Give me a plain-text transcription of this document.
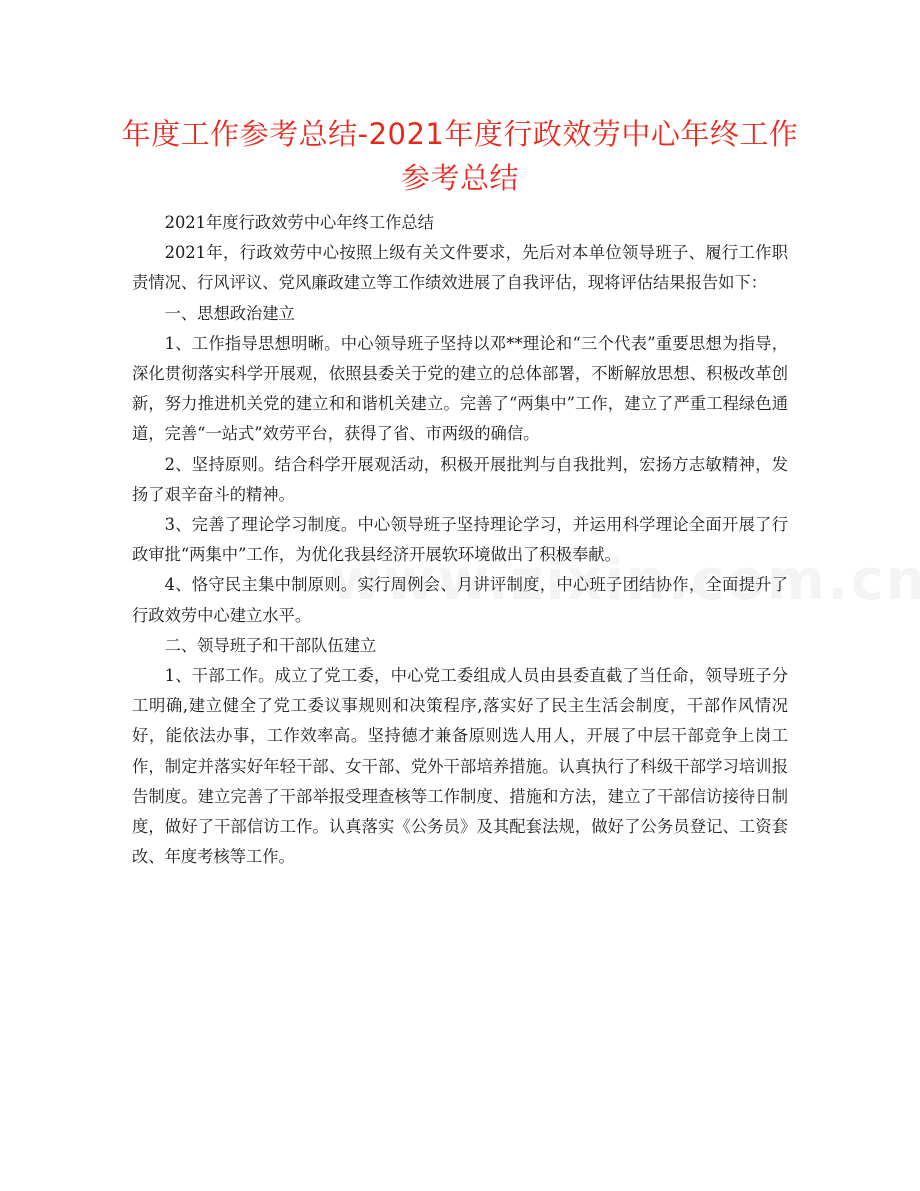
年度工作参考总结-2021年度行政效劳中心年终工作参考总结

2021年度行政效劳中心年终工作总结

2021年，行政效劳中心按照上级有关文件要求，先后对本单位领导班子、履行工作职责情况、行风评议、党风廉政建立等工作绩效进展了自我评估，现将评估结果报告如下：

一、思想政治建立

1、工作指导思想明晰。中心领导班子坚持以邓**理论和“三个代表”重要思想为指导，深化贯彻落实科学开展观，依照县委关于党的建立的总体部署，不断解放思想、积极改革创新，努力推进机关党的建立和和谐机关建立。完善了“两集中”工作，建立了严重工程绿色通道，完善“一站式”效劳平台，获得了省、市两级的确信。

2、坚持原则。结合科学开展观活动，积极开展批判与自我批判，宏扬方志敏精神，发扬了艰辛奋斗的精神。

3、完善了理论学习制度。中心领导班子坚持理论学习，并运用科学理论全面开展了行政审批“两集中”工作，为优化我县经济开展软环境做出了积极奉献。

4、恪守民主集中制原则。实行周例会、月讲评制度，中心班子团结协作，全面提升了行政效劳中心建立水平。

二、领导班子和干部队伍建立

1、干部工作。成立了党工委，中心党工委组成人员由县委直截了当任命，领导班子分工明确,建立健全了党工委议事规则和决策程序,落实好了民主生活会制度，干部作风情况好，能依法办事，工作效率高。坚持德才兼备原则选人用人，开展了中层干部竞争上岗工作，制定并落实好年轻干部、女干部、党外干部培养措施。认真执行了科级干部学习培训报告制度。建立完善了干部举报受理查核等工作制度、措施和方法，建立了干部信访接待日制度，做好了干部信访工作。认真落实《公务员》及其配套法规，做好了公务员登记、工资套改、年度考核等工作。
